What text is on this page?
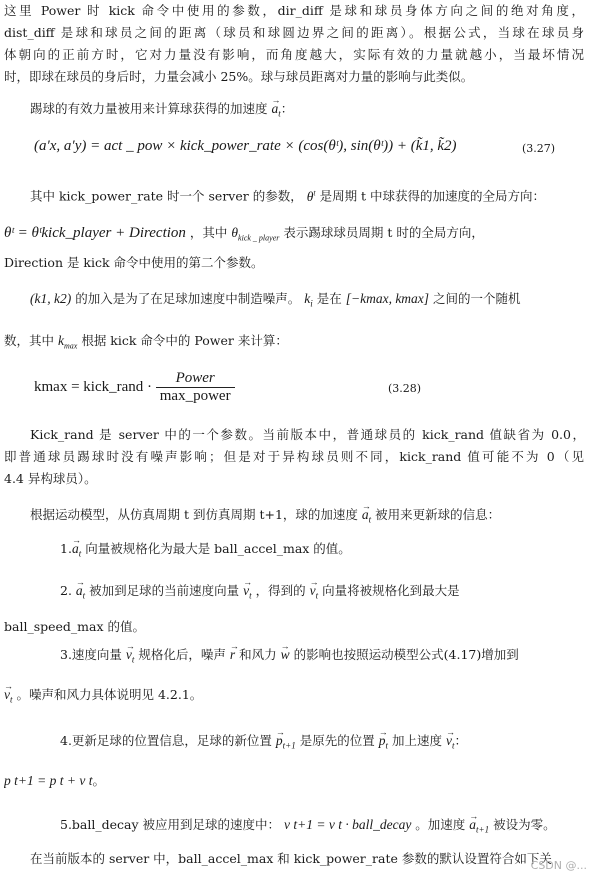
这里 Power 时 kick 命令中使用的参数，dir_diff 是球和球员身体方向之间的绝对角度，
dist_diff 是球和球员之间的距离（球员和球圆边界之间的距离）。根据公式，当球在球员身
体朝向的正前方时，它对力量没有影响，而角度越大，实际有效的力量就越小，当最坏情况
时，即球在球员的身后时，力量会减小 25%。球与球员距离对力量的影响与此类似。
踢球的有效力量被用来计算球获得的加速度 → $a_t$：
(a′x, a′y) = act _ pow × kick_power_rate × (cos(θᵗ), sin(θᵗ)) + (k̃1, k̃2)	(3.27)
其中 kick_power_rate 时一个 server 的参数， $\theta^t$ 是周期 t 中球获得的加速度的全局方向：
θᵗ = θᵗkick_player + Direction ，其中 $\theta_{kick \_ player}$ 表示踢球球员周期 t 时的全局方向，
Direction 是 kick 命令中使用的第二个参数。
(k1, k2) 的加入是为了在足球加速度中制造噪声。 ~ $k_i$ 是在 [−kmax, kmax] 之间的一个随机
数，其中 $k_{max}$ 根据 kick 命令中的 Power 来计算：
kmax = kick_rand · $\frac{\text{Power}}{\text{max\_power}}$	(3.28)
Kick_rand 是 server 中的一个参数。当前版本中，普通球员的 kick_rand 值缺省为 0.0，
即普通球员踢球时没有噪声影响；但是对于异构球员则不同，kick_rand 值可能不为 0（见
4.4 异构球员）。
根据运动模型，从仿真周期 t 到仿真周期 t+1，球的加速度 → $a_t$ 被用来更新球的信息：
$1.\to a_t$ 向量被规格化为最大是 ball_accel_max 的值。
2. → $a_t$ 被加到足球的当前速度向量 → $v_t$ ，得到的 → $v_t$ 向量将被规格化到最大是
ball_speed_max 的值。
3.速度向量 → $v_t$ 规格化后，噪声 → r 和风力 → w 的影响也按照运动模型公式(4.17)增加到
→ $v_t$ 。噪声和风力具体说明见 4.2.1。
4.更新足球的位置信息，足球的新位置 → $p_{t+1}$ 是原先的位置 → $p_t$ 加上速度 → $v_t$：
p t+1 = p t + v t。
5.ball_decay 被应用到足球的速度中： v t+1 = v t · ball_decay 。加速度 → $a_{t+1}$ 被设为零。
在当前版本的 server 中，ball_accel_max 和 kick_power_rate 参数的默认设置符合如下关
CSDN @...
